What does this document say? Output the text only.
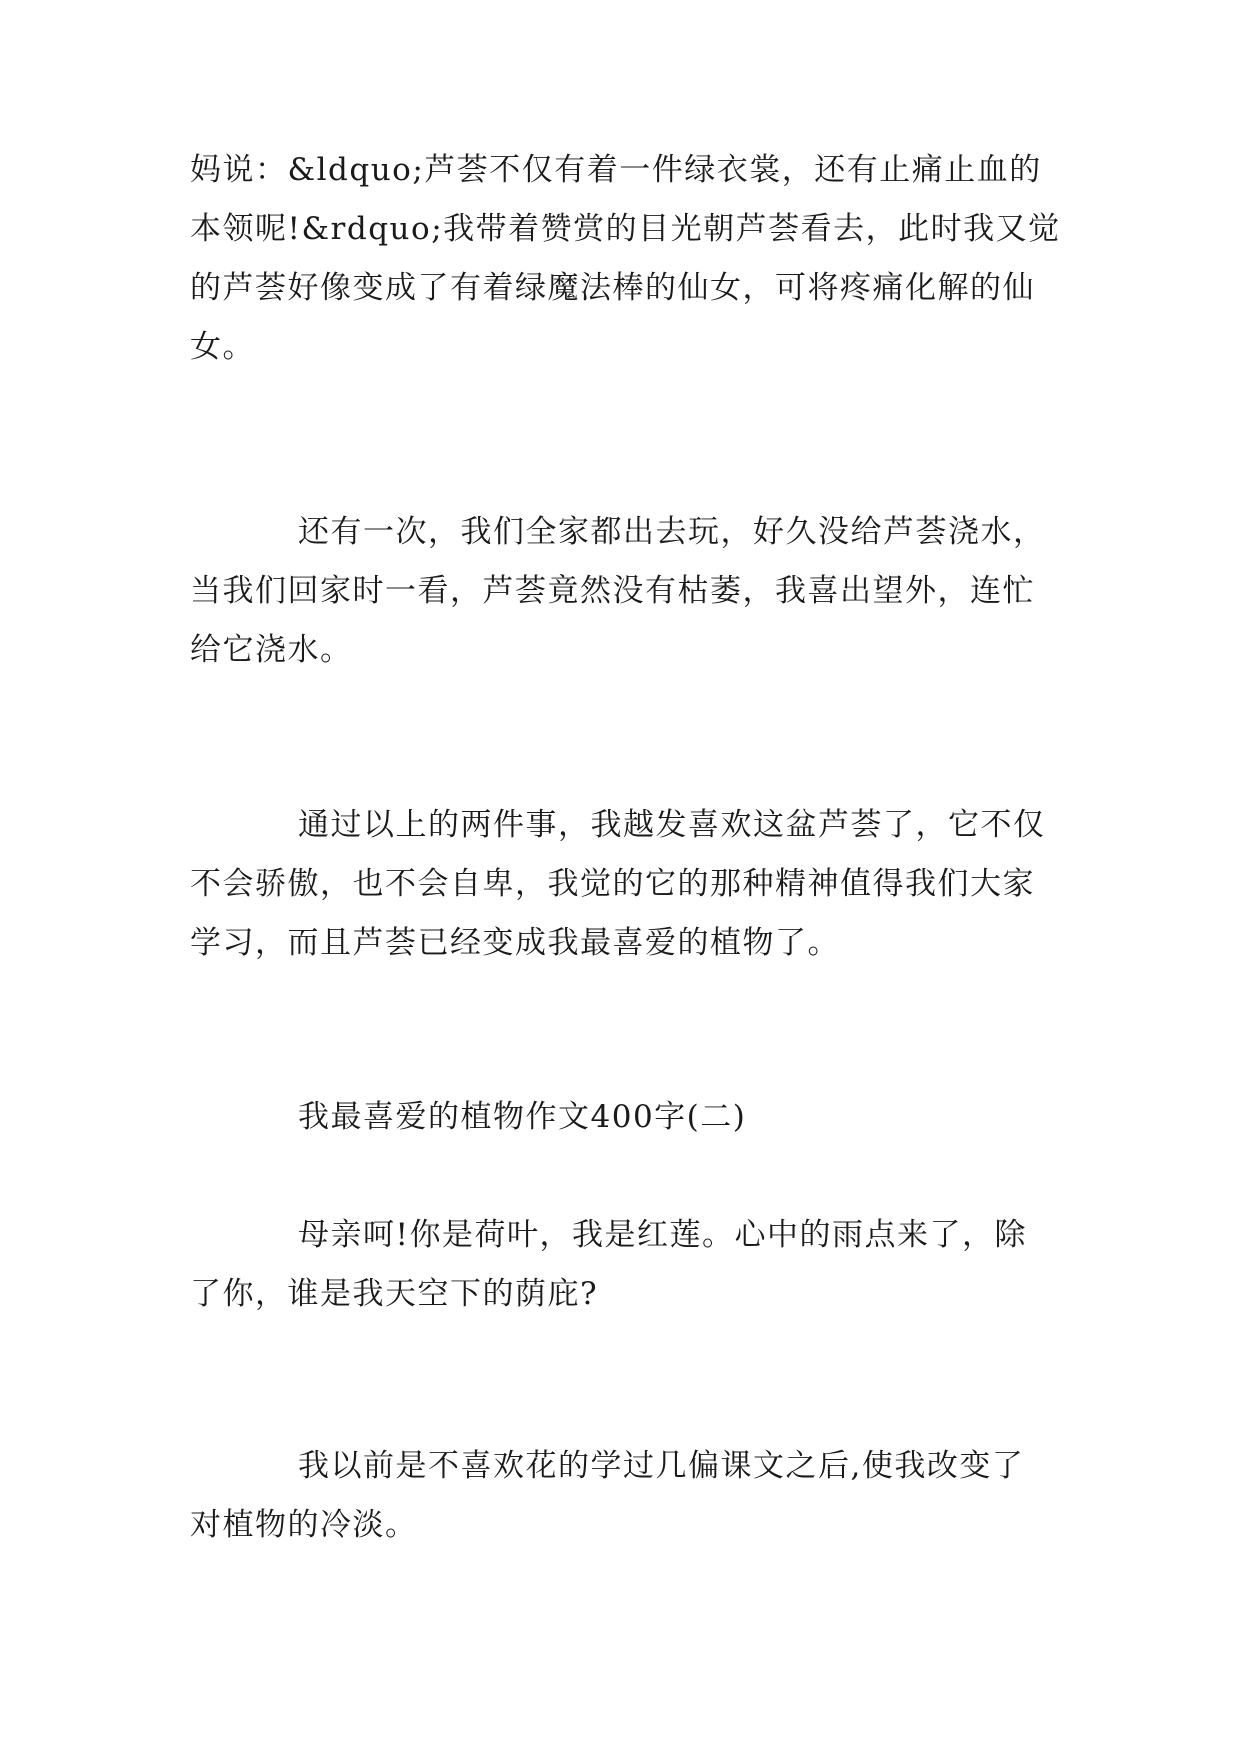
妈说：&ldquo;芦荟不仅有着一件绿衣裳，还有止痛止血的
本领呢!&rdquo;我带着赞赏的目光朝芦荟看去，此时我又觉
的芦荟好像变成了有着绿魔法棒的仙女，可将疼痛化解的仙
女。
还有一次，我们全家都出去玩，好久没给芦荟浇水，
当我们回家时一看，芦荟竟然没有枯萎，我喜出望外，连忙
给它浇水。
通过以上的两件事，我越发喜欢这盆芦荟了，它不仅
不会骄傲，也不会自卑，我觉的它的那种精神值得我们大家
学习，而且芦荟已经变成我最喜爱的植物了。
我最喜爱的植物作文400字(二)
母亲呵!你是荷叶，我是红莲。心中的雨点来了，除
了你，谁是我天空下的荫庇?
我以前是不喜欢花的学过几偏课文之后,使我改变了
对植物的冷淡。
